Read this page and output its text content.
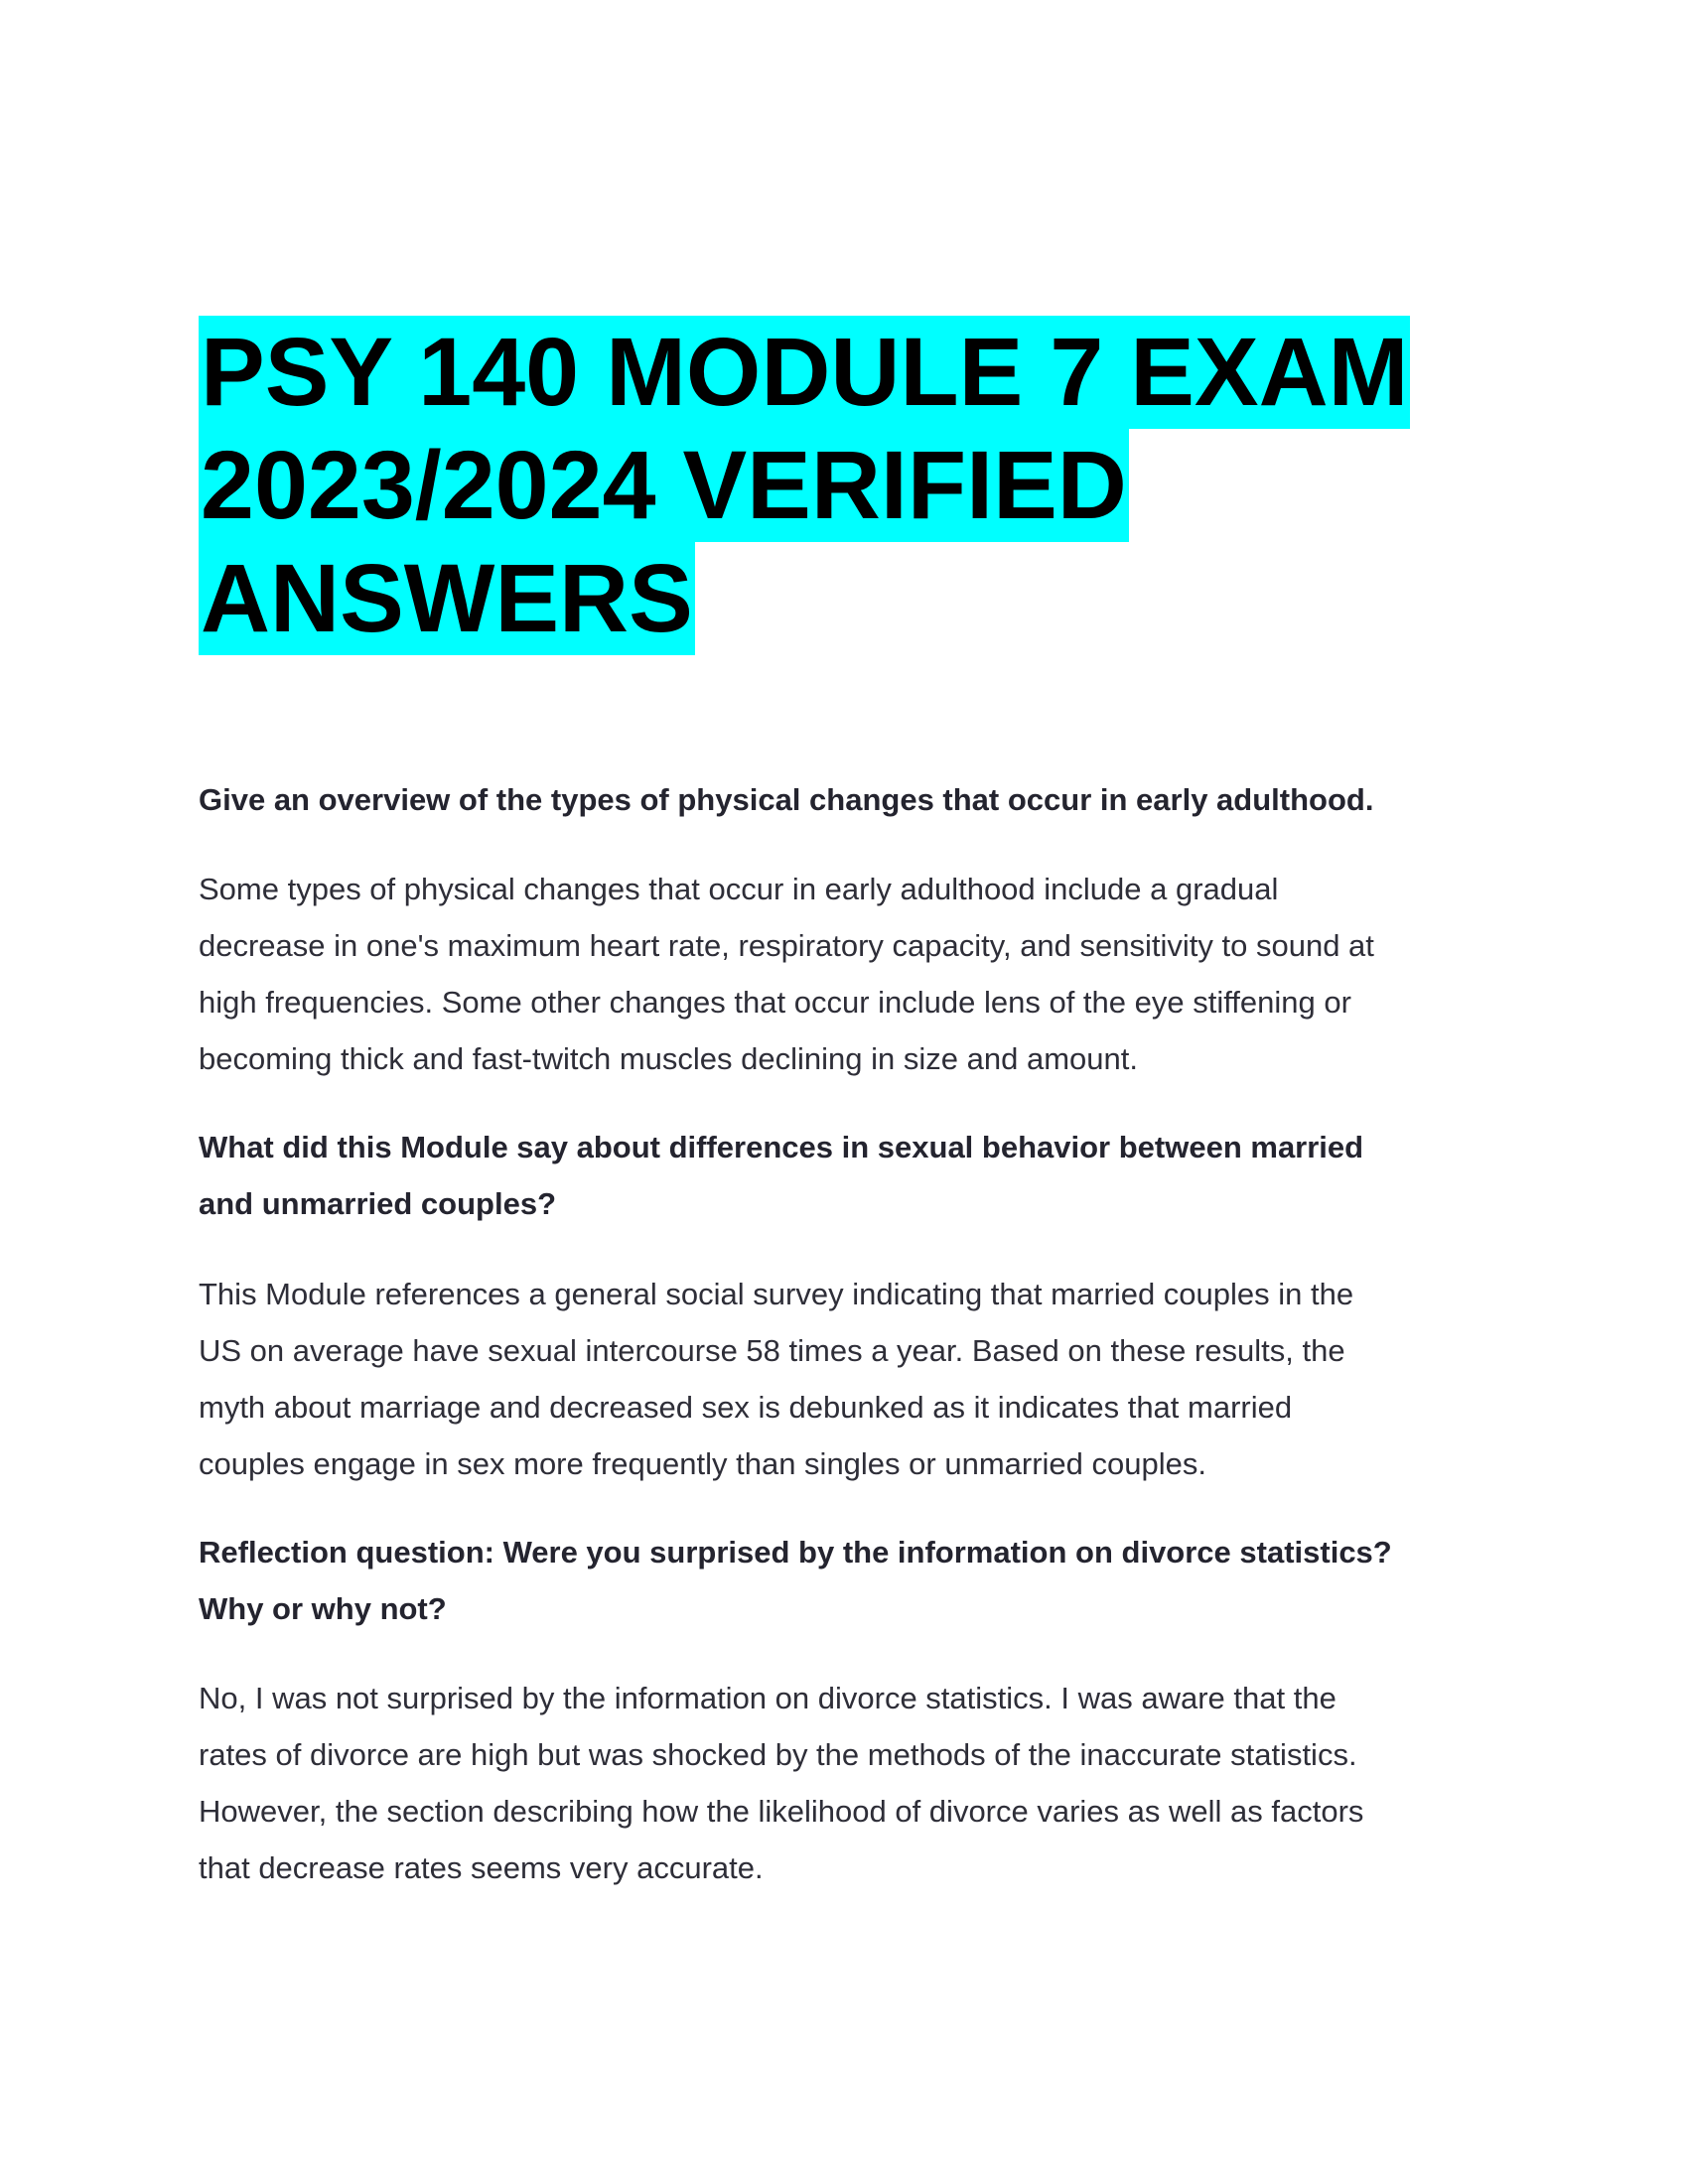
PSY 140 MODULE 7 EXAM
2023/2024 VERIFIED
ANSWERS

Give an overview of the types of physical changes that occur in early adulthood.

Some types of physical changes that occur in early adulthood include a gradual

decrease in one's maximum heart rate, respiratory capacity, and sensitivity to sound at

high frequencies. Some other changes that occur include lens of the eye stiffening or

becoming thick and fast-twitch muscles declining in size and amount.

What did this Module say about differences in sexual behavior between married

and unmarried couples?

This Module references a general social survey indicating that married couples in the

US on average have sexual intercourse 58 times a year. Based on these results, the

myth about marriage and decreased sex is debunked as it indicates that married

couples engage in sex more frequently than singles or unmarried couples.

Reflection question: Were you surprised by the information on divorce statistics?

Why or why not?

No, I was not surprised by the information on divorce statistics. I was aware that the

rates of divorce are high but was shocked by the methods of the inaccurate statistics.

However, the section describing how the likelihood of divorce varies as well as factors

that decrease rates seems very accurate.
